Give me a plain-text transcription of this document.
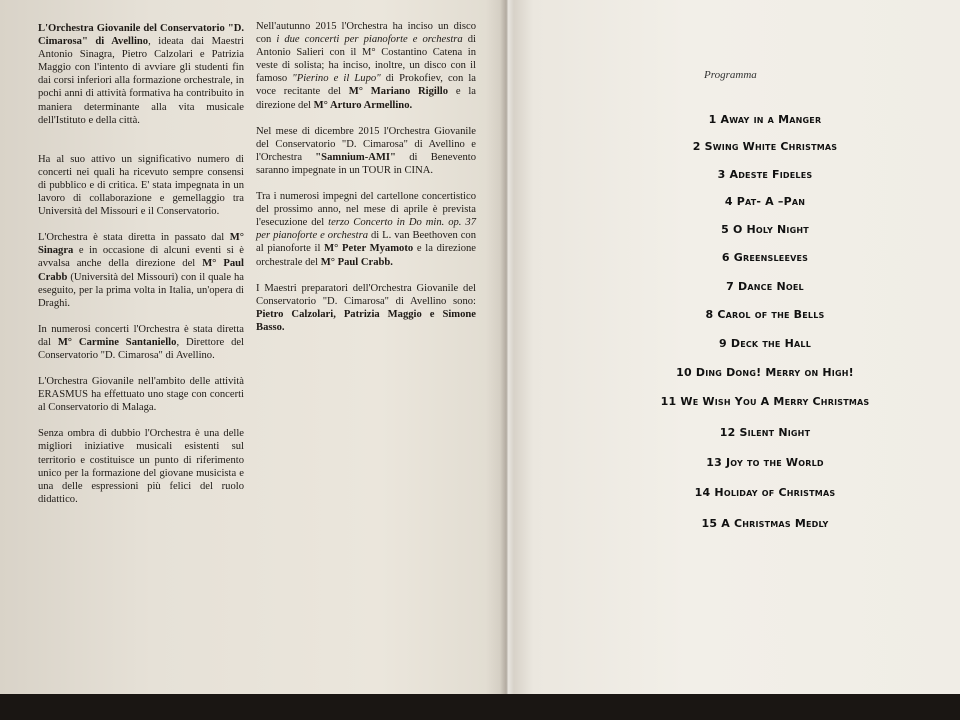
L'Orchestra Giovanile del Conservatorio "D. Cimarosa" di Avellino, ideata dai Maestri Antonio Sinagra, Pietro Calzolari e Patrizia Maggio con l'intento di avviare gli studenti fin dai corsi inferiori alla formazione orchestrale, in pochi anni di attività formativa ha contribuito in maniera determinante alla vita musicale dell'Istituto e della città.

Ha al suo attivo un significativo numero di concerti nei quali ha ricevuto sempre consensi di pubblico e di critica. E' stata impegnata in un lavoro di collaborazione e gemellaggio tra Università del Missouri e il Conservatorio.

L'Orchestra è stata diretta in passato dal M° Sinagra e in occasione di alcuni eventi si è avvalsa anche della direzione del M° Paul Crabb (Università del Missouri) con il quale ha eseguito, per la prima volta in Italia, un'opera di Draghi.

In numerosi concerti l'Orchestra è stata diretta dal M° Carmine Santaniello, Direttore del Conservatorio "D. Cimarosa" di Avellino.

L'Orchestra Giovanile nell'ambito delle attività ERASMUS ha effettuato uno stage con concerti al Conservatorio di Malaga.

Senza ombra di dubbio l'Orchestra è una delle migliori iniziative musicali esistenti sul territorio e costituisce un punto di riferimento unico per la formazione del giovane musicista e una delle espressioni più felici del ruolo didattico.

Nell'autunno 2015 l'Orchestra ha inciso un disco con i due concerti per pianoforte e orchestra di Antonio Salieri con il M° Costantino Catena in veste di solista; ha inciso, inoltre, un disco con il famoso "Pierino e il Lupo" di Prokofiev, con la voce recitante del M° Mariano Rigillo e la direzione del M° Arturo Armellino.

Nel mese di dicembre 2015 l'Orchestra Giovanile del Conservatorio "D. Cimarosa" di Avellino e l'Orchestra "Samnium-AMI" di Benevento saranno impegnate in un TOUR in CINA.

Tra i numerosi impegni del cartellone concertistico del prossimo anno, nel mese di aprile è prevista l'esecuzione del terzo Concerto in Do min. op. 37 per pianoforte e orchestra di L. van Beethoven con al pianoforte il M° Peter Myamoto e la direzione orchestrale del M° Paul Crabb.

I Maestri preparatori dell'Orchestra Giovanile del Conservatorio "D. Cimarosa" di Avellino sono: Pietro Calzolari, Patrizia Maggio e Simone Basso.

Programma
1 Away in a Manger
2 Swing White Christmas
3 Adeste Fideles
4 Pat- A –Pan
5 O Holy Night
6 Greensleeves
7 Dance Noel
8 Carol of the Bells
9 Deck the Hall
10 Ding Dong! Merry on High!
11 We Wish You A Merry Christmas
12 Silent Night
13 Joy to the World
14 Holiday of Christmas
15 A Christmas Medly
